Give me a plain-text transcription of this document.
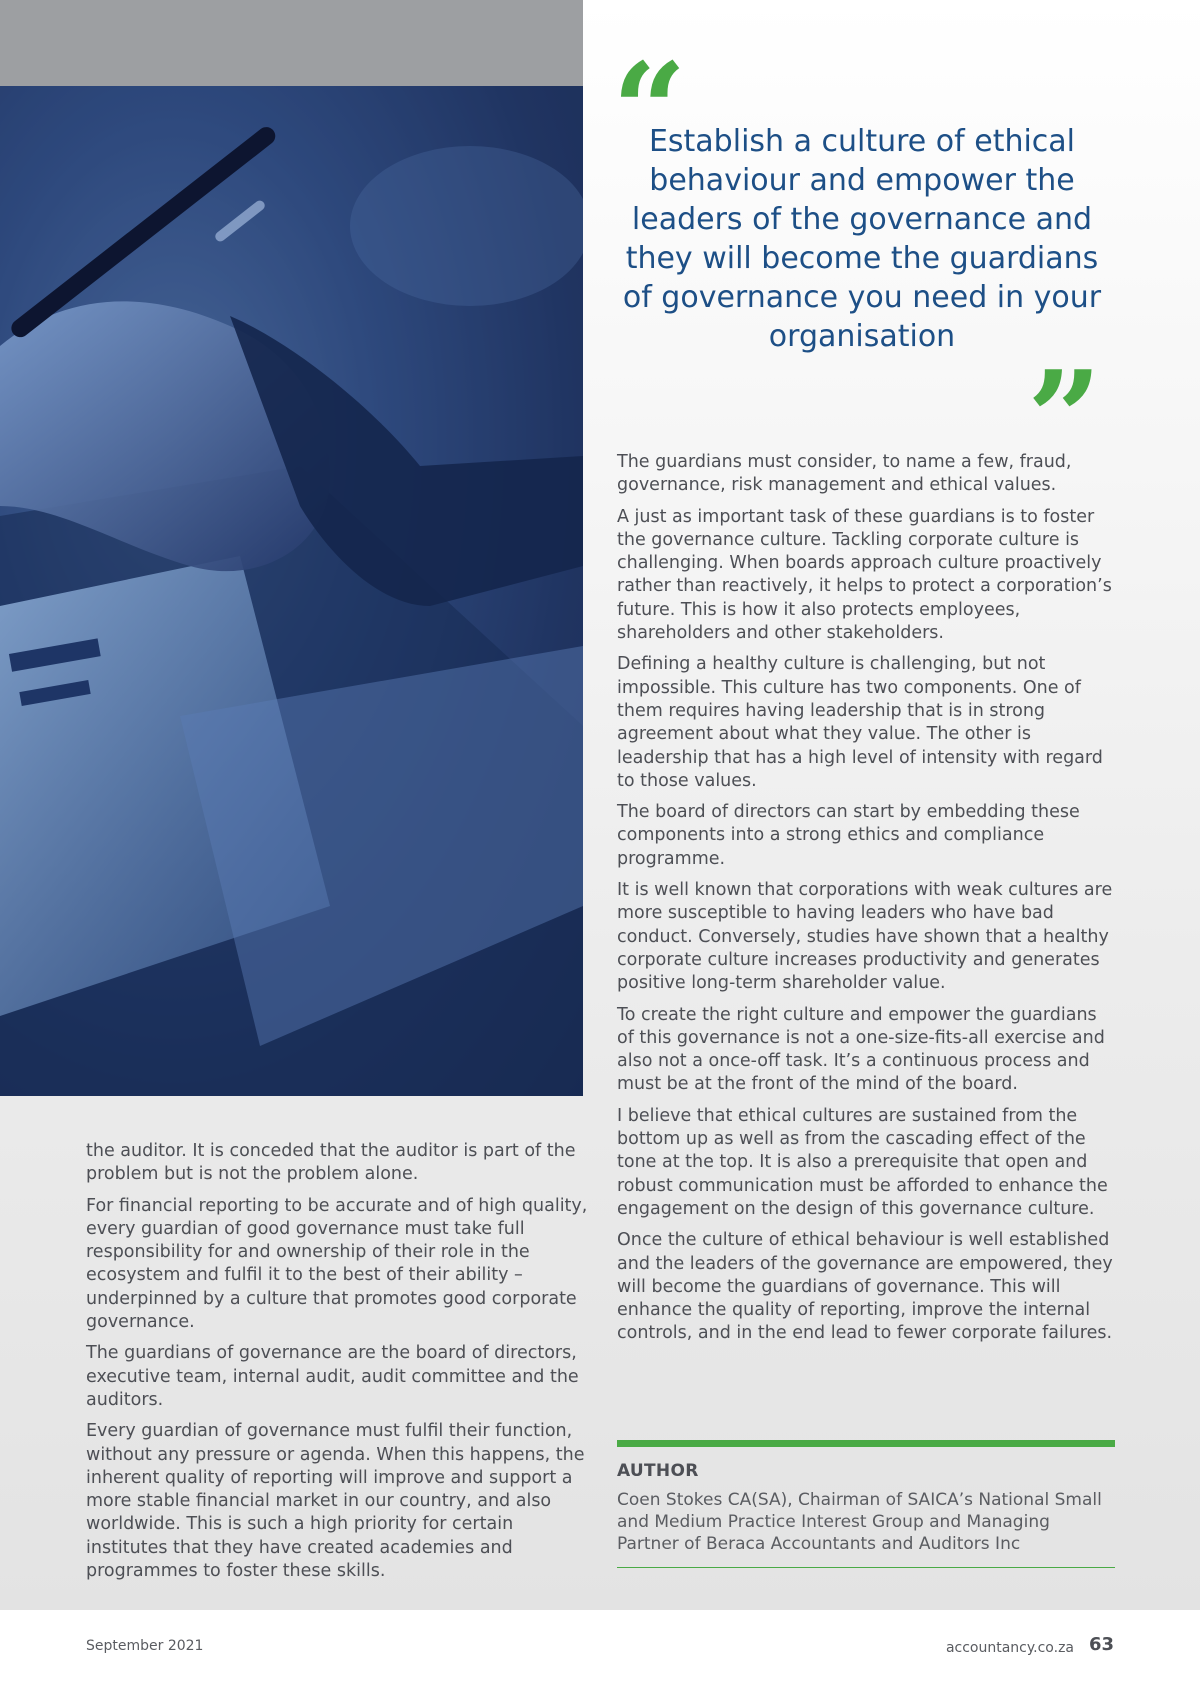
“
Establish a culture of ethical behaviour and empower the leaders of the governance and they will become the guardians of governance you need in your organisation
”

The guardians must consider, to name a few, fraud, governance, risk management and ethical values.

A just as important task of these guardians is to foster the governance culture. Tackling corporate culture is challenging. When boards approach culture proactively rather than reactively, it helps to protect a corporation’s future. This is how it also protects employees, shareholders and other stakeholders.

Defining a healthy culture is challenging, but not impossible. This culture has two components. One of them requires having leadership that is in strong agreement about what they value. The other is leadership that has a high level of intensity with regard to those values.

The board of directors can start by embedding these components into a strong ethics and compliance programme.

It is well known that corporations with weak cultures are more susceptible to having leaders who have bad conduct. Conversely, studies have shown that a healthy corporate culture increases productivity and generates positive long-term shareholder value.

To create the right culture and empower the guardians of this governance is not a one-size-fits-all exercise and also not a once-off task. It’s a continuous process and must be at the front of the mind of the board.

I believe that ethical cultures are sustained from the bottom up as well as from the cascading effect of the tone at the top. It is also a prerequisite that open and robust communication must be afforded to enhance the engagement on the design of this governance culture.

Once the culture of ethical behaviour is well established and the leaders of the governance are empowered, they will become the guardians of governance. This will enhance the quality of reporting, improve the internal controls, and in the end lead to fewer corporate failures.

the auditor. It is conceded that the auditor is part of the problem but is not the problem alone.

For financial reporting to be accurate and of high quality, every guardian of good governance must take full responsibility for and ownership of their role in the ecosystem and fulfil it to the best of their ability – underpinned by a culture that promotes good corporate governance.

The guardians of governance are the board of directors, executive team, internal audit, audit committee and the auditors.

Every guardian of governance must fulfil their function, without any pressure or agenda. When this happens, the inherent quality of reporting will improve and support a more stable financial market in our country, and also worldwide. This is such a high priority for certain institutes that they have created academies and programmes to foster these skills.

AUTHOR
Coen Stokes CA(SA), Chairman of SAICA’s National Small and Medium Practice Interest Group and Managing Partner of Beraca Accountants and Auditors Inc
September 2021	accountancy.co.za 63
